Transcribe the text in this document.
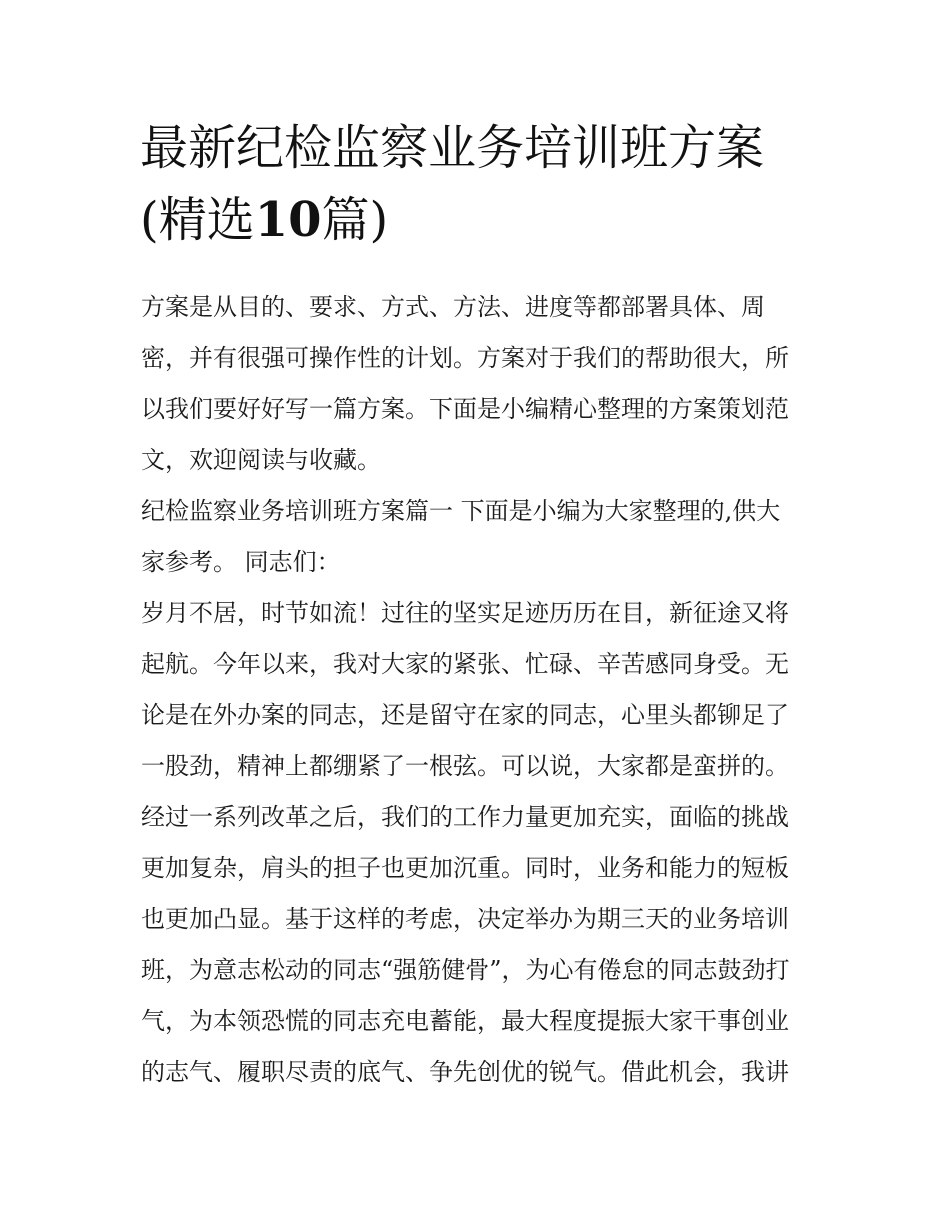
最新纪检监察业务培训班方案
(精选10篇)
方案是从目的、要求、方式、方法、进度等都部署具体、周
密，并有很强可操作性的计划。方案对于我们的帮助很大，所
以我们要好好写一篇方案。下面是小编精心整理的方案策划范
文，欢迎阅读与收藏。
纪检监察业务培训班方案篇一 下面是小编为大家整理的,供大
家参考。 同志们：
岁月不居，时节如流！过往的坚实足迹历历在目，新征途又将
起航。今年以来，我对大家的紧张、忙碌、辛苦感同身受。无
论是在外办案的同志，还是留守在家的同志，心里头都铆足了
一股劲，精神上都绷紧了一根弦。可以说，大家都是蛮拼的。
经过一系列改革之后，我们的工作力量更加充实，面临的挑战
更加复杂，肩头的担子也更加沉重。同时，业务和能力的短板
也更加凸显。基于这样的考虑，决定举办为期三天的业务培训
班，为意志松动的同志“强筋健骨”，为心有倦怠的同志鼓劲打
气，为本领恐慌的同志充电蓄能，最大程度提振大家干事创业
的志气、履职尽责的底气、争先创优的锐气。借此机会，我讲
